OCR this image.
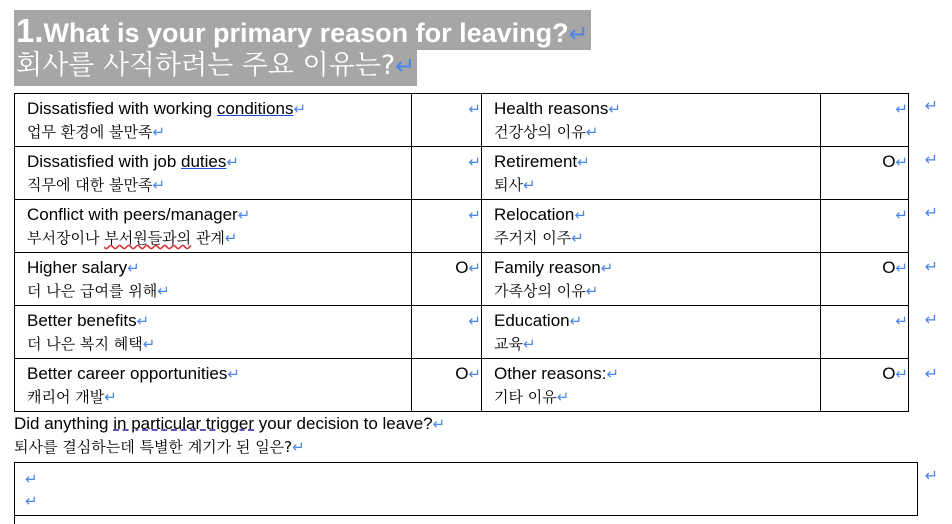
1.What is your primary reason for leaving?↵
회사를 사직하려는 주요 이유는?↵
Dissatisfied with working conditions↵
업무 환경에 불만족↵	↵	Health reasons↵
건강상의 이유↵	↵

Dissatisfied with job duties↵
직무에 대한 불만족↵	↵	Retirement↵
퇴사↵	O↵

Conflict with peers/manager↵
부서장이나 부서원들과의 관계↵	↵	Relocation↵
주거지 이주↵	↵

Higher salary↵
더 나은 급여를 위해↵	O↵	Family reason↵
가족상의 이유↵	O↵

Better benefits↵
더 나은 복지 혜택↵	↵	Education↵
교육↵	↵

Better career opportunities↵
캐리어 개발↵	O↵	Other reasons:↵
기타 이유↵	O↵
↵
↵
↵
↵
↵
↵
Did anything in particular trigger your decision to leave?↵
퇴사를 결심하는데 특별한 계기가 된 일은?↵
↵
↵
↵
